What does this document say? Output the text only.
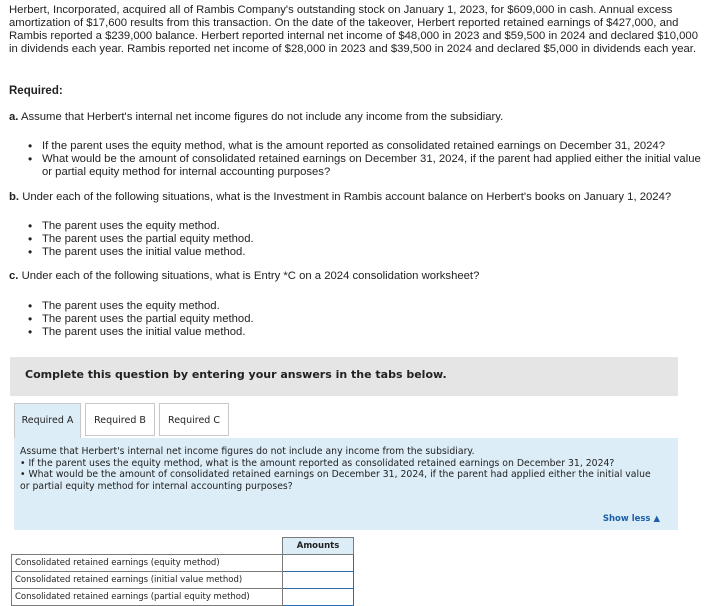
Herbert, Incorporated, acquired all of Rambis Company's outstanding stock on January 1, 2023, for $609,000 in cash. Annual excess amortization of $17,600 results from this transaction. On the date of the takeover, Herbert reported retained earnings of $427,000, and Rambis reported a $239,000 balance. Herbert reported internal net income of $48,000 in 2023 and $59,500 in 2024 and declared $10,000 in dividends each year. Rambis reported net income of $28,000 in 2023 and $39,500 in 2024 and declared $5,000 in dividends each year.

Required:

a. Assume that Herbert's internal net income figures do not include any income from the subsidiary.

• If the parent uses the equity method, what is the amount reported as consolidated retained earnings on December 31, 2024?
• What would be the amount of consolidated retained earnings on December 31, 2024, if the parent had applied either the initial value or partial equity method for internal accounting purposes?

b. Under each of the following situations, what is the Investment in Rambis account balance on Herbert's books on January 1, 2024?

• The parent uses the equity method.
• The parent uses the partial equity method.
• The parent uses the initial value method.

c. Under each of the following situations, what is Entry *C on a 2024 consolidation worksheet?

• The parent uses the equity method.
• The parent uses the partial equity method.
• The parent uses the initial value method.
Complete this question by entering your answers in the tabs below.
Required A	Required B	Required C

Assume that Herbert's internal net income figures do not include any income from the subsidiary.
• If the parent uses the equity method, what is the amount reported as consolidated retained earnings on December 31, 2024?
• What would be the amount of consolidated retained earnings on December 31, 2024, if the parent had applied either the initial value or partial equity method for internal accounting purposes?

Show less ▲
	Amounts
Consolidated retained earnings (equity method)	
Consolidated retained earnings (initial value method)	
Consolidated retained earnings (partial equity method)	
